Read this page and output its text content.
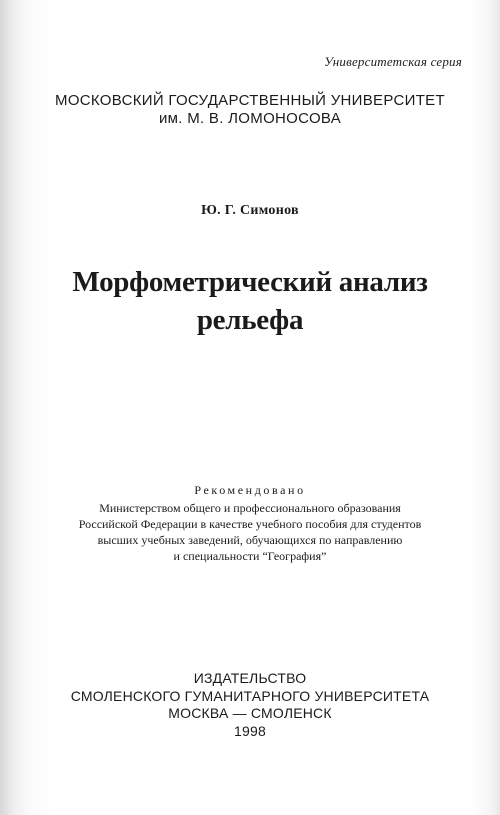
Университетская серия
МОСКОВСКИЙ ГОСУДАРСТВЕННЫЙ УНИВЕРСИТЕТ
им. М. В. ЛОМОНОСОВА
Ю. Г. Симонов
Морфометрический анализ
рельефа
Рекомендовано
Министерством общего и профессионального образования
Российской Федерации в качестве учебного пособия для студентов
высших учебных заведений, обучающихся по направлению
и специальности “География”
ИЗДАТЕЛЬСТВО
СМОЛЕНСКОГО ГУМАНИТАРНОГО УНИВЕРСИТЕТА
МОСКВА — СМОЛЕНСК
1998
